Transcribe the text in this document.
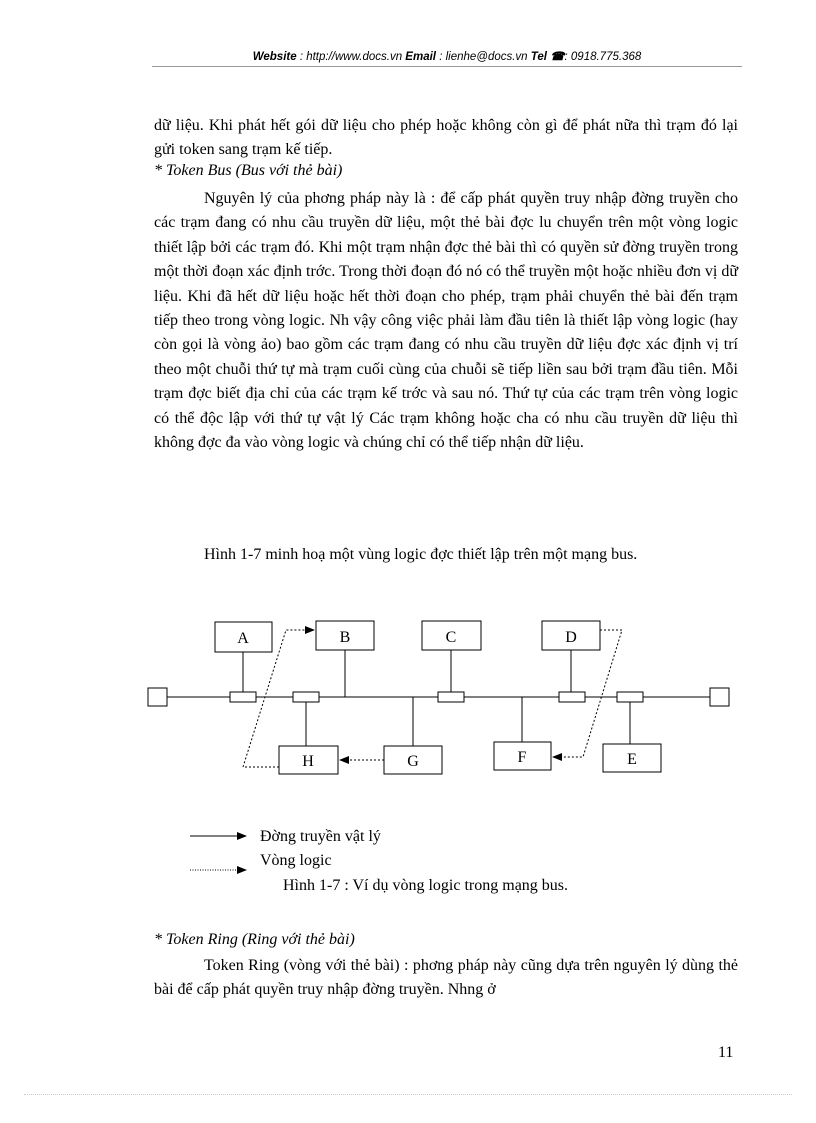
Website : http://www.docs.vn Email : lienhe@docs.vn Tel ☎: 0918.775.368
dữ liệu. Khi phát hết gói dữ liệu cho phép hoặc không còn gì để phát nữa thì trạm đó lại gửi token sang trạm kế tiếp.
* Token Bus (Bus với thẻ bài)
Nguyên lý của phơng pháp này là : để cấp phát quyền truy nhập đờng truyền cho các trạm đang có nhu cầu truyền dữ liệu, một thẻ bài đợc lu chuyển trên một vòng logic thiết lập bởi các trạm đó. Khi một trạm nhận đợc thẻ bài thì có quyền sử đờng truyền trong một thời đoạn xác định trớc. Trong thời đoạn đó nó có thể truyền một hoặc nhiều đơn vị dữ liệu. Khi đã hết dữ liệu hoặc hết thời đoạn cho phép, trạm phải chuyển thẻ bài đến trạm tiếp theo trong vòng logic. Nh vậy công việc phải làm đầu tiên là thiết lập vòng logic (hay còn gọi là vòng ảo) bao gồm các trạm đang có nhu cầu truyền dữ liệu đợc xác định vị trí theo một chuỗi thứ tự mà trạm cuối cùng của chuỗi sẽ tiếp liền sau bởi trạm đầu tiên. Mỗi trạm đợc biết địa chỉ của các trạm kế trớc và sau nó. Thứ tự của các trạm trên vòng logic có thể độc lập với thứ tự vật lý Các trạm không hoặc cha có nhu cầu truyền dữ liệu thì không đợc đa vào vòng logic và chúng chỉ có thể tiếp nhận dữ liệu.
Hình 1-7 minh hoạ một vùng logic đợc thiết lập trên một mạng bus.
A	B	C	D
H	G	F	E
Đờng truyền vật lý
Vòng logic
Hình 1-7 : Ví dụ vòng logic trong mạng bus.
* Token Ring (Ring với thẻ bài)
Token Ring (vòng với thẻ bài) : phơng pháp này cũng dựa trên nguyên lý dùng thẻ bài để cấp phát quyền truy nhập đờng truyền. Nhng ở
11
